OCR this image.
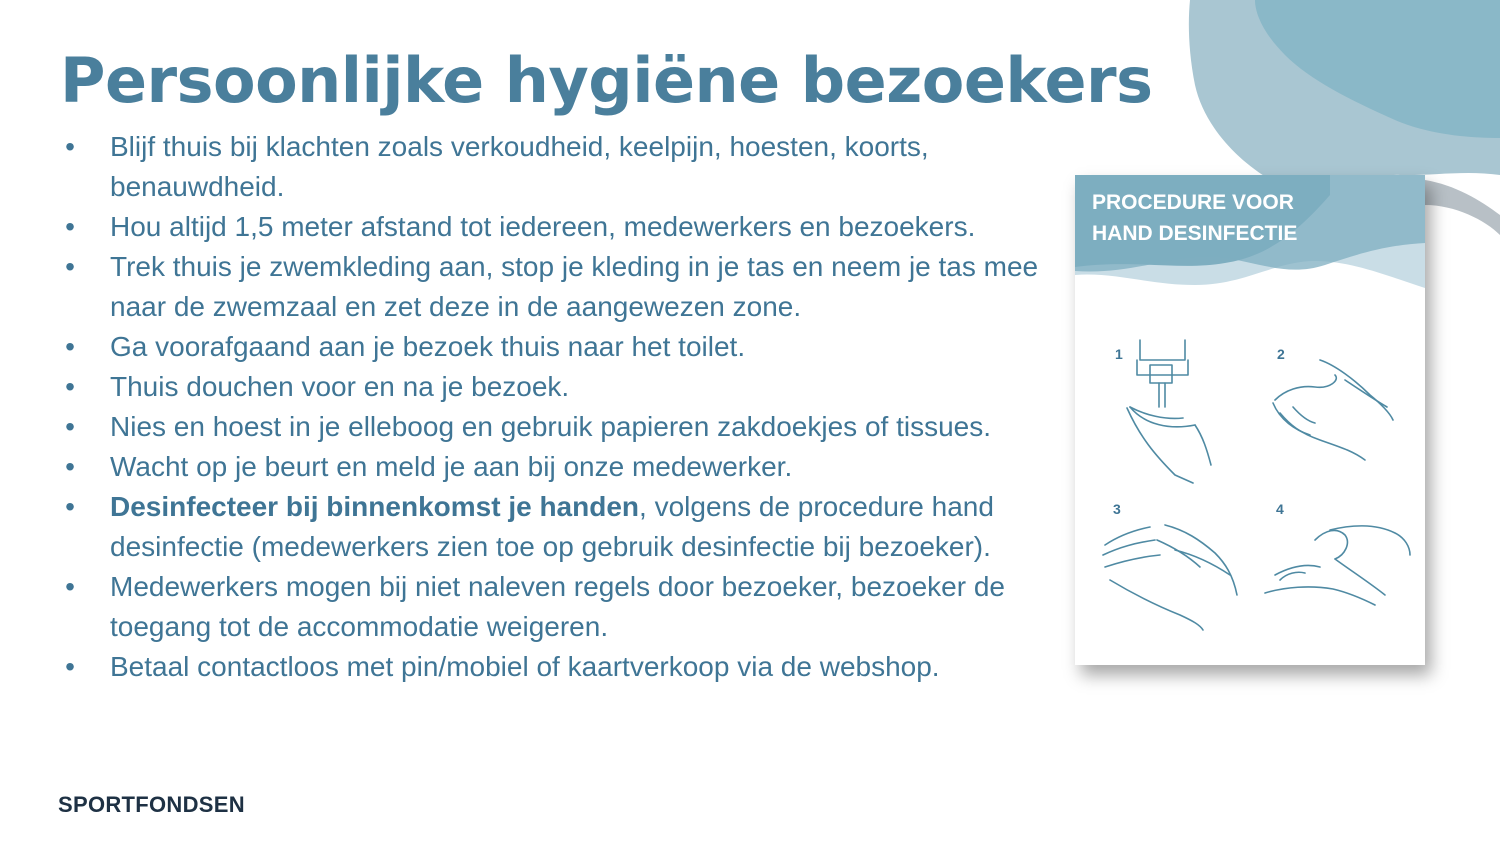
Persoonlijke hygiëne bezoekers
• Blijf thuis bij klachten zoals verkoudheid, keelpijn, hoesten, koorts, benauwdheid.
• Hou altijd 1,5 meter afstand tot iedereen, medewerkers en bezoekers.
• Trek thuis je zwemkleding aan, stop je kleding in je tas en neem je tas mee naar de zwemzaal en zet deze in de aangewezen zone.
• Ga voorafgaand aan je bezoek thuis naar het toilet.
• Thuis douchen voor en na je bezoek.
• Nies en hoest in je elleboog en gebruik papieren zakdoekjes of tissues.
• Wacht op je beurt en meld je aan bij onze medewerker.
• Desinfecteer bij binnenkomst je handen, volgens de procedure hand desinfectie (medewerkers zien toe op gebruik desinfectie bij bezoeker).
• Medewerkers mogen bij niet naleven regels door bezoeker, bezoeker de toegang tot de accommodatie weigeren.
• Betaal contactloos met pin/mobiel of kaartverkoop via de webshop.
PROCEDURE VOOR
HAND DESINFECTIE
1	2
3	4
SPORTFONDSEN
